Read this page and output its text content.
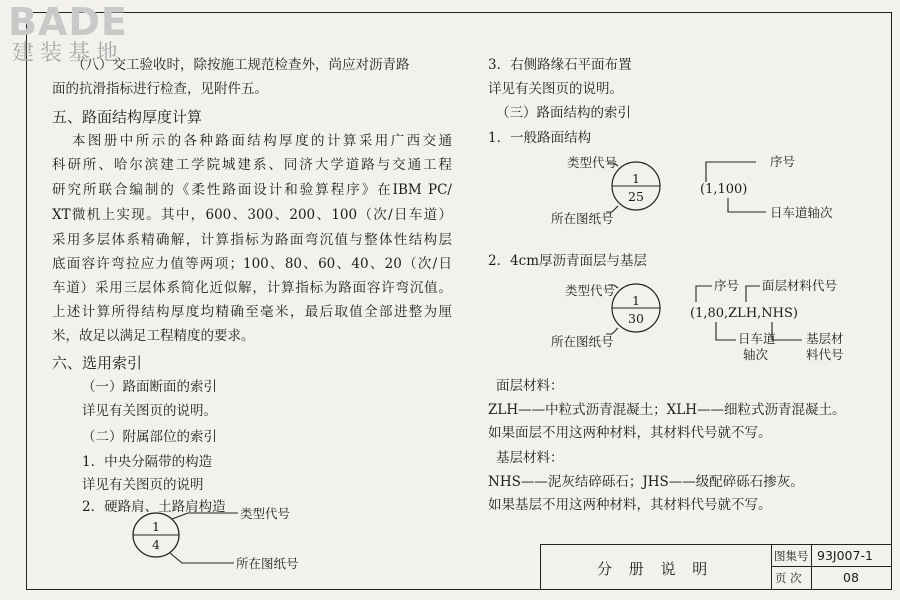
BADE
建装基地
（八）交工验收时，除按施工规范检查外，尚应对沥青路
面的抗滑指标进行检查，见附件五。
五、路面结构厚度计算
本图册中所示的各种路面结构厚度的计算采用广西交通
科研所、哈尔滨建工学院城建系、同济大学道路与交通工程
研究所联合编制的《柔性路面设计和验算程序》在IBM PC/
XT微机上实现。其中，600、300、200、100（次/日车道）
采用多层体系精确解，计算指标为路面弯沉值与整体性结构层
底面容许弯拉应力值等两项；100、80、60、40、20（次/日
车道）采用三层体系简化近似解，计算指标为路面容许弯沉值。
上述计算所得结构厚度均精确至毫米，最后取值全部进整为厘
米，故足以满足工程精度的要求。
六、选用索引
（一）路面断面的索引
详见有关图页的说明。
（二）附属部位的索引
1．中央分隔带的构造
详见有关图页的说明
2．硬路肩、土路肩构造
1
4
类型代号
所在图纸号
3．右侧路缘石平面布置
详见有关图页的说明。
（三）路面结构的索引
1．一般路面结构
类型代号
1
25	(1,100)
序号
所在图纸号	日车道轴次
2．4cm厚沥青面层与基层
类型代号
1
30	(1,80,ZLH,NHS)
序号 面层材料代号
所在图纸号	日车道
轴次
基层材
料代号
面层材料：
ZLH——中粒式沥青混凝土；XLH——细粒式沥青混凝土。
如果面层不用这两种材料，其材料代号就不写。
基层材料：
NHS——泥灰结碎砾石；JHS——级配碎砾石掺灰。
如果基层不用这两种材料，其材料代号就不写。
分 册 说 明
图集号 93J007-1
页 次	08
